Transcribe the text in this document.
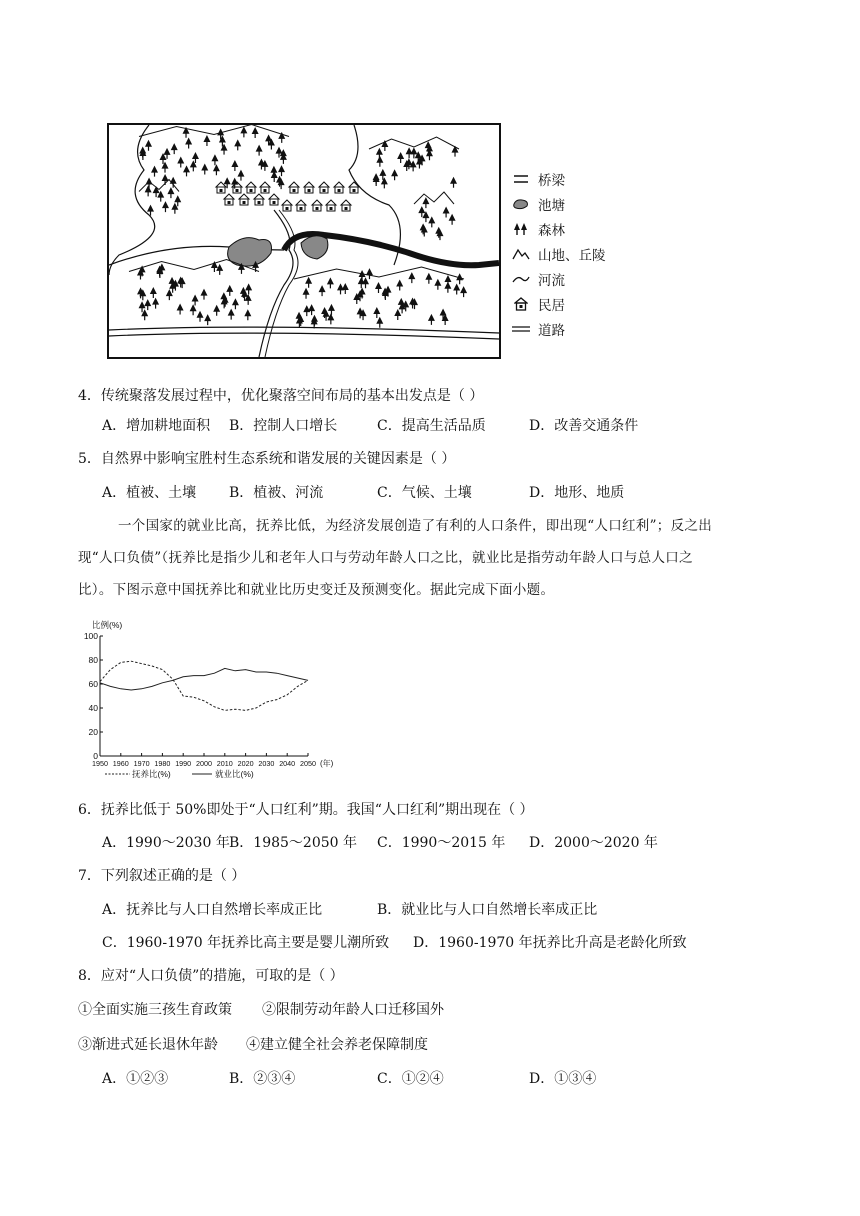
桥梁
池塘
森林
山地、丘陵
河流
民居
道路
4．传统聚落发展过程中，优化聚落空间布局的基本出发点是（ ）
A．增加耕地面积 B．控制人口增长	C．提高生活品质	D．改善交通条件
5．自然界中影响宝胜村生态系统和谐发展的关键因素是（ ）
A．植被、土壤 B．植被、河流	C．气候、土壤	D．地形、地质
一个国家的就业比高，抚养比低，为经济发展创造了有利的人口条件，即出现“人口红利”；反之出
现“人口负债”（抚养比是指少儿和老年人口与劳动年龄人口之比，就业比是指劳动年龄人口与总人口之
比）。下图示意中国抚养比和就业比历史变迁及预测变化。据此完成下面小题。
比例(%)
0
20
40
60
80
100
1950 1960 1970 1980 1990 2000 2010 2020 2030 2040 2050 (年)
抚养比(%)	就业比(%)
6．抚养比低于 50%即处于“人口红利”期。我国“人口红利”期出现在（ ）
A．1990～2030 年 B．1985～2050 年 C．1990～2015 年 D．2000～2020 年
7．下列叙述正确的是（ ）
A．抚养比与人口自然增长率成正比	B．就业比与人口自然增长率成正比
C．1960-1970 年抚养比高主要是婴儿潮所致 D．1960-1970 年抚养比升高是老龄化所致
8．应对“人口负债”的措施，可取的是（ ）
①全面实施三孩生育政策 ②限制劳动年龄人口迁移国外
③渐进式延长退休年龄 ④建立健全社会养老保障制度
A．①②③	B．②③④	C．①②④	D．①③④
